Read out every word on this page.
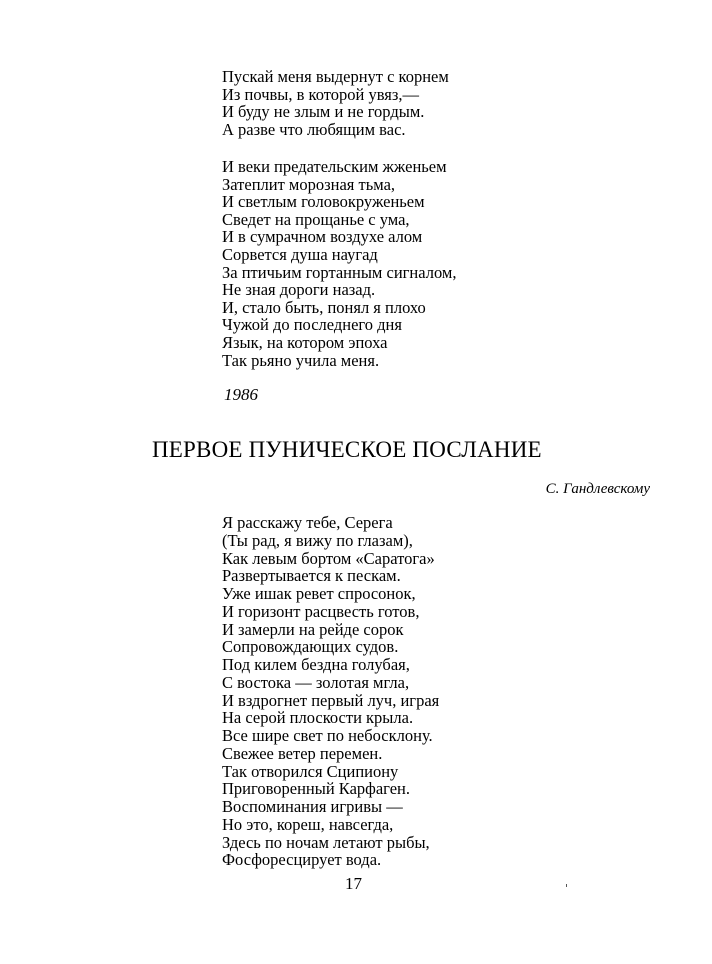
Пускай меня выдернут с корнем
Из почвы, в которой увяз,—
И буду не злым и не гордым.
А разве что любящим вас.
И веки предательским жженьем
Затеплит морозная тьма,
И светлым головокруженьем
Сведет на прощанье с ума,
И в сумрачном воздухе алом
Сорвется душа наугад
За птичьим гортанным сигналом,
Не зная дороги назад.
И, стало быть, понял я плохо
Чужой до последнего дня
Язык, на котором эпоха
Так рьяно учила меня.
1986
ПЕРВОЕ ПУНИЧЕСКОЕ ПОСЛАНИЕ
С. Гандлевскому
Я расскажу тебе, Серега
(Ты рад, я вижу по глазам),
Как левым бортом «Саратога»
Развертывается к пескам.
Уже ишак ревет спросонок,
И горизонт расцвесть готов,
И замерли на рейде сорок
Сопровождающих судов.
Под килем бездна голубая,
С востока — золотая мгла,
И вздрогнет первый луч, играя
На серой плоскости крыла.
Все шире свет по небосклону.
Свежее ветер перемен.
Так отворился Сципиону
Приговоренный Карфаген.
Воспоминания игривы —
Но это, кореш, навсегда,
Здесь по ночам летают рыбы,
Фосфоресцирует вода.
17
